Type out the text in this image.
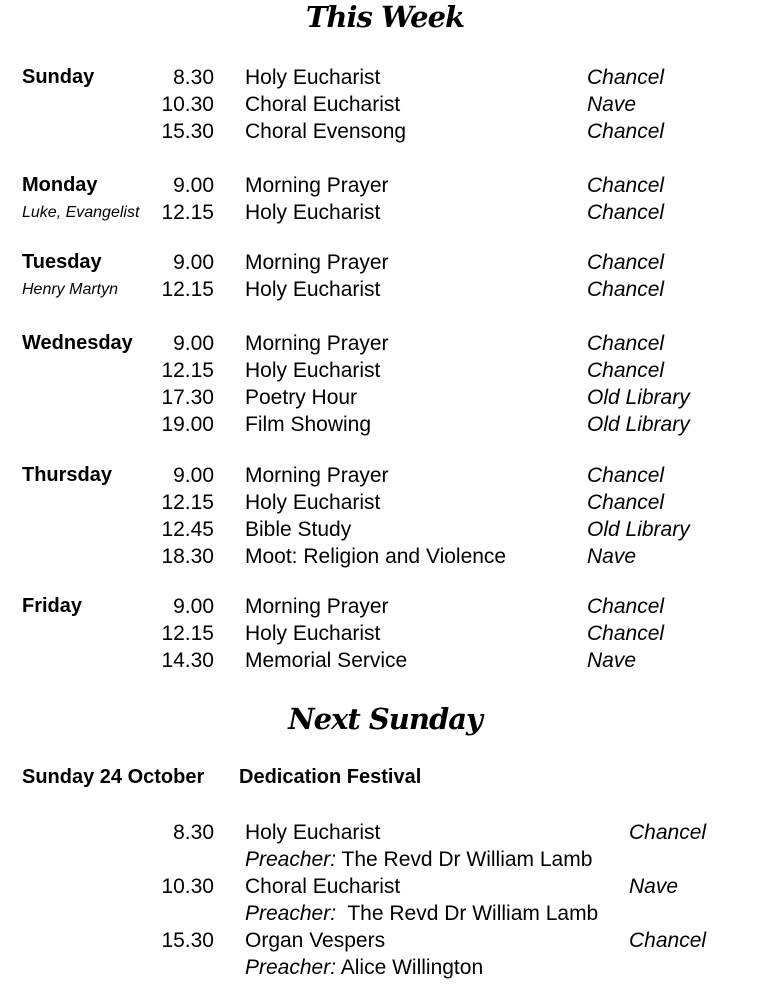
This Week
Sunday	8.30 Holy Eucharist	Chancel
10.30 Choral Eucharist	Nave
15.30 Choral Evensong	Chancel
Monday	9.00 Morning Prayer	Chancel
Luke, Evangelist 12.15 Holy Eucharist	Chancel
Tuesday	9.00 Morning Prayer	Chancel
Henry Martyn 12.15 Holy Eucharist	Chancel
Wednesday 9.00 Morning Prayer	Chancel
12.15 Holy Eucharist	Chancel
17.30 Poetry Hour	Old Library
19.00 Film Showing	Old Library
Thursday	9.00 Morning Prayer	Chancel
12.15 Holy Eucharist	Chancel
12.45 Bible Study	Old Library
18.30 Moot: Religion and Violence	Nave
Friday	9.00 Morning Prayer	Chancel
12.15 Holy Eucharist	Chancel
14.30 Memorial Service	Nave
Next Sunday
Sunday 24 October Dedication Festival
8.30 Holy Eucharist	Chancel
Preacher: The Revd Dr William Lamb
10.30 Choral Eucharist	Nave
Preacher: The Revd Dr William Lamb
15.30 Organ Vespers	Chancel
Preacher: Alice Willington
